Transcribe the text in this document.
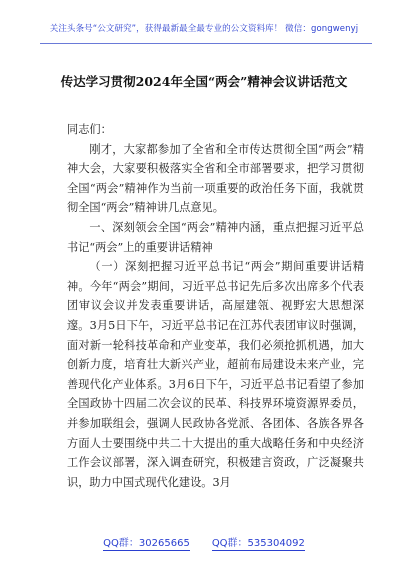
关注头条号“公文研究”，获得最新最全最专业的公文资料库！ 微信：gongwenyj
传达学习贯彻2024年全国“两会”精神会议讲话范文

同志们：

刚才，大家都参加了全省和全市传达贯彻全国“两会”精神大会，大家要积极落实全省和全市部署要求，把学习贯彻全国“两会”精神作为当前一项重要的政治任务下面，我就贯彻全国“两会”精神讲几点意见。

一、深刻领会全国“两会”精神内涵，重点把握习近平总书记“两会”上的重要讲话精神

（一）深刻把握习近平总书记“两会”期间重要讲话精神。今年“两会”期间，习近平总书记先后多次出席多个代表团审议会议并发表重要讲话，高屋建瓴、视野宏大思想深邃。3月5日下午，习近平总书记在江苏代表团审议时强调，面对新一轮科技革命和产业变革，我们必须抢抓机遇，加大创新力度，培育壮大新兴产业，超前布局建设未来产业，完善现代化产业体系。3月6日下午，习近平总书记看望了参加全国政协十四届二次会议的民革、科技界环境资源界委员，并参加联组会，强调人民政协各党派、各团体、各族各界各方面人士要围绕中共二十大提出的重大战略任务和中央经济工作会议部署，深入调查研究，积极建言资政，广泛凝聚共识，助力中国式现代化建设。3月

QQ群：30265665 QQ群：535304092
